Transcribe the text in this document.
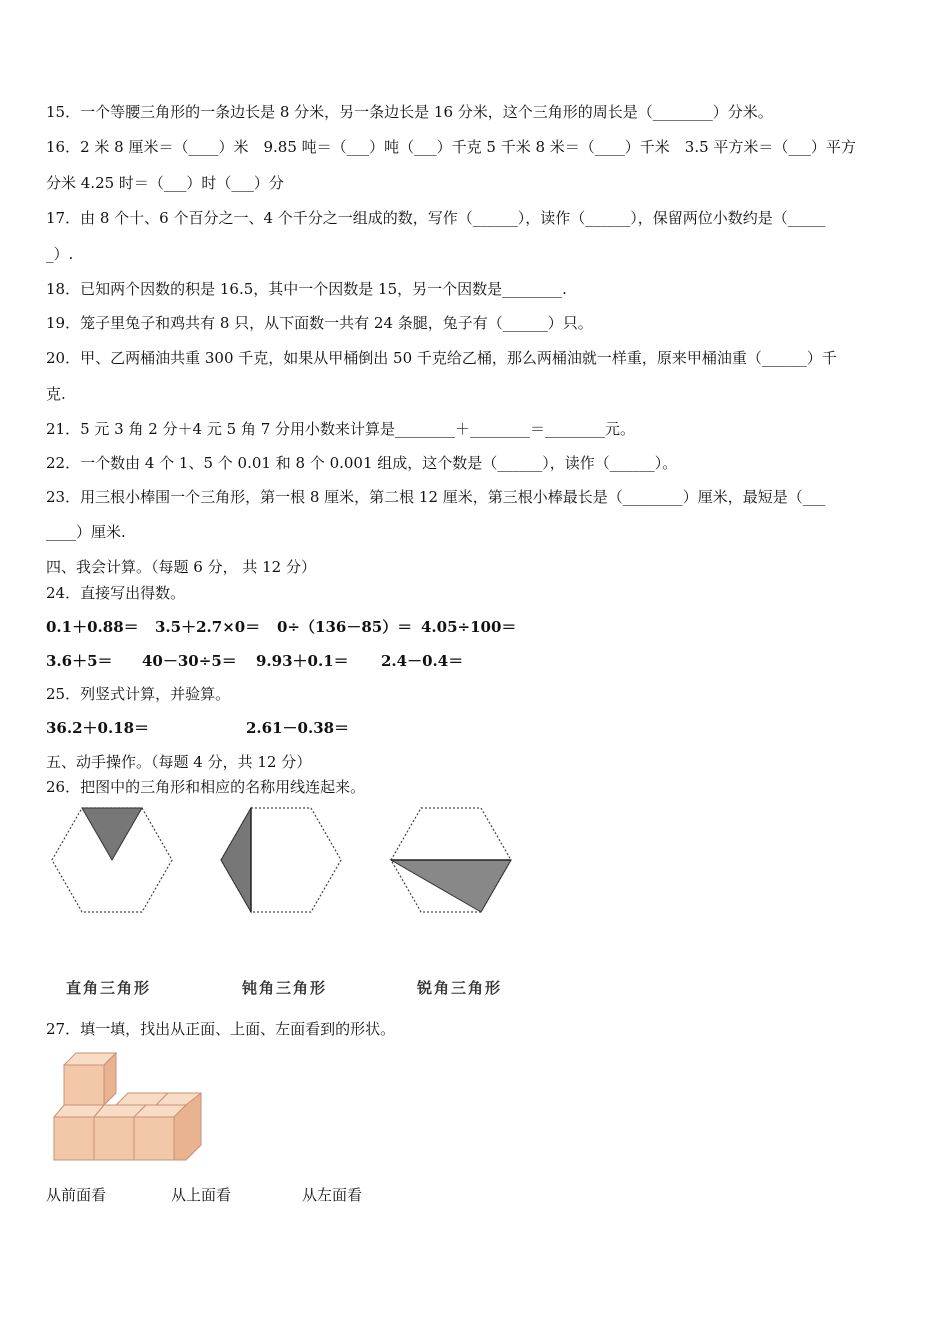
15．一个等腰三角形的一条边长是 8 分米，另一条边长是 16 分米，这个三角形的周长是（________）分米。
16．2 米 8 厘米＝（____）米　9.85 吨＝（___）吨（___）千克 5 千米 8 米＝（____）千米　3.5 平方米＝（___）平方
分米 4.25 时＝（___）时（___）分
17．由 8 个十、6 个百分之一、4 个千分之一组成的数，写作（______），读作（______），保留两位小数约是（_____
_）.
18．已知两个因数的积是 16.5，其中一个因数是 15，另一个因数是________.
19．笼子里兔子和鸡共有 8 只，从下面数一共有 24 条腿，兔子有（______）只。
20．甲、乙两桶油共重 300 千克，如果从甲桶倒出 50 千克给乙桶，那么两桶油就一样重，原来甲桶油重（______）千
克.
21．5 元 3 角 2 分＋4 元 5 角 7 分用小数来计算是________＋________＝________元。
22．一个数由 4 个 1、5 个 0.01 和 8 个 0.001 组成，这个数是（______），读作（______）。
23．用三根小棒围一个三角形，第一根 8 厘米，第二根 12 厘米，第三根小棒最长是（________）厘米，最短是（___
____）厘米.
四、我会计算。（每题 6 分， 共 12 分）
24．直接写出得数。
0.1＋0.88＝ 3.5＋2.7×0＝ 0÷（136－85）＝ 4.05÷100＝
3.6＋5＝ 40－30÷5＝ 9.93＋0.1＝ 2.4－0.4＝
25．列竖式计算，并验算。
36.2＋0.18＝	2.61－0.38＝
五、动手操作。（每题 4 分，共 12 分）
26．把图中的三角形和相应的名称用线连起来。
直角三角形	钝角三角形	锐角三角形
27．填一填，找出从正面、上面、左面看到的形状。
从前面看	从上面看	从左面看
